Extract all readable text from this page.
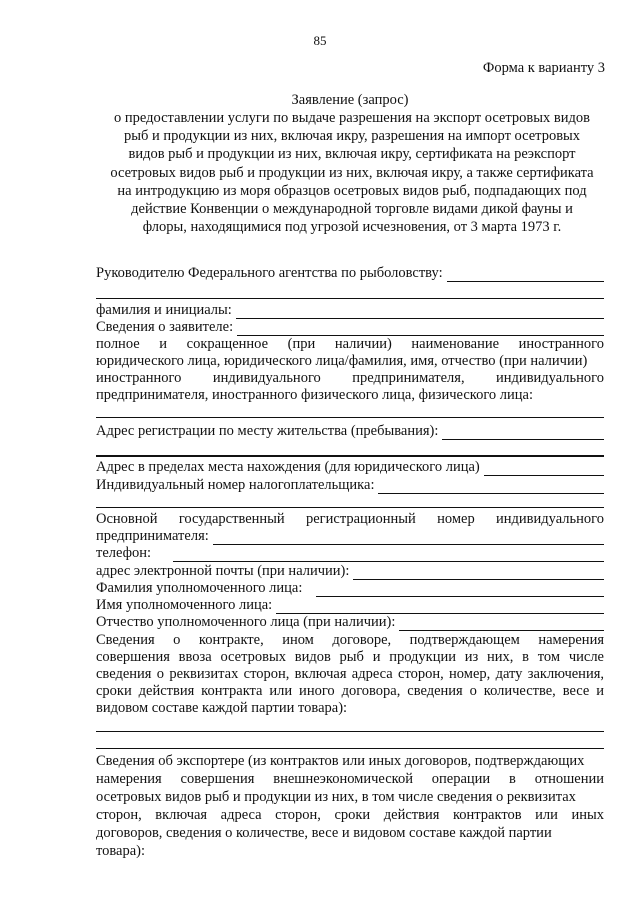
85
Форма к варианту 3
Заявление (запрос)
о предоставлении услуги по выдаче разрешения на экспорт осетровых видов
рыб и продукции из них, включая икру, разрешения на импорт осетровых
видов рыб и продукции из них, включая икру, сертификата на реэкспорт
осетровых видов рыб и продукции из них, включая икру, а также сертификата
на интродукцию из моря образцов осетровых видов рыб, подпадающих под
действие Конвенции о международной торговле видами дикой фауны и
флоры, находящимися под угрозой исчезновения, от 3 марта 1973 г.
Руководителю Федерального агентства по рыболовству:
фамилия и инициалы:
Сведения о заявителе:
полное и сокращенное (при наличии) наименование иностранного
юридического лица, юридического лица/фамилия, имя, отчество (при наличии)
иностранного индивидуального предпринимателя, индивидуального
предпринимателя, иностранного физического лица, физического лица:
Адрес регистрации по месту жительства (пребывания):
Адрес в пределах места нахождения (для юридического лица)
Индивидуальный номер налогоплательщика:
Основной государственный регистрационный номер индивидуального
предпринимателя:
телефон:
адрес электронной почты (при наличии):
Фамилия уполномоченного лица:
Имя уполномоченного лица:
Отчество уполномоченного лица (при наличии):
Сведения о контракте, ином договоре, подтверждающем намерения
совершения ввоза осетровых видов рыб и продукции из них, в том числе
сведения о реквизитах сторон, включая адреса сторон, номер, дату заключения,
сроки действия контракта или иного договора, сведения о количестве, весе и
видовом составе каждой партии товара):
Сведения об экспортере (из контрактов или иных договоров, подтверждающих
намерения совершения внешнеэкономической операции в отношении
осетровых видов рыб и продукции из них, в том числе сведения о реквизитах
сторон, включая адреса сторон, сроки действия контрактов или иных
договоров, сведения о количестве, весе и видовом составе каждой партии
товара):
